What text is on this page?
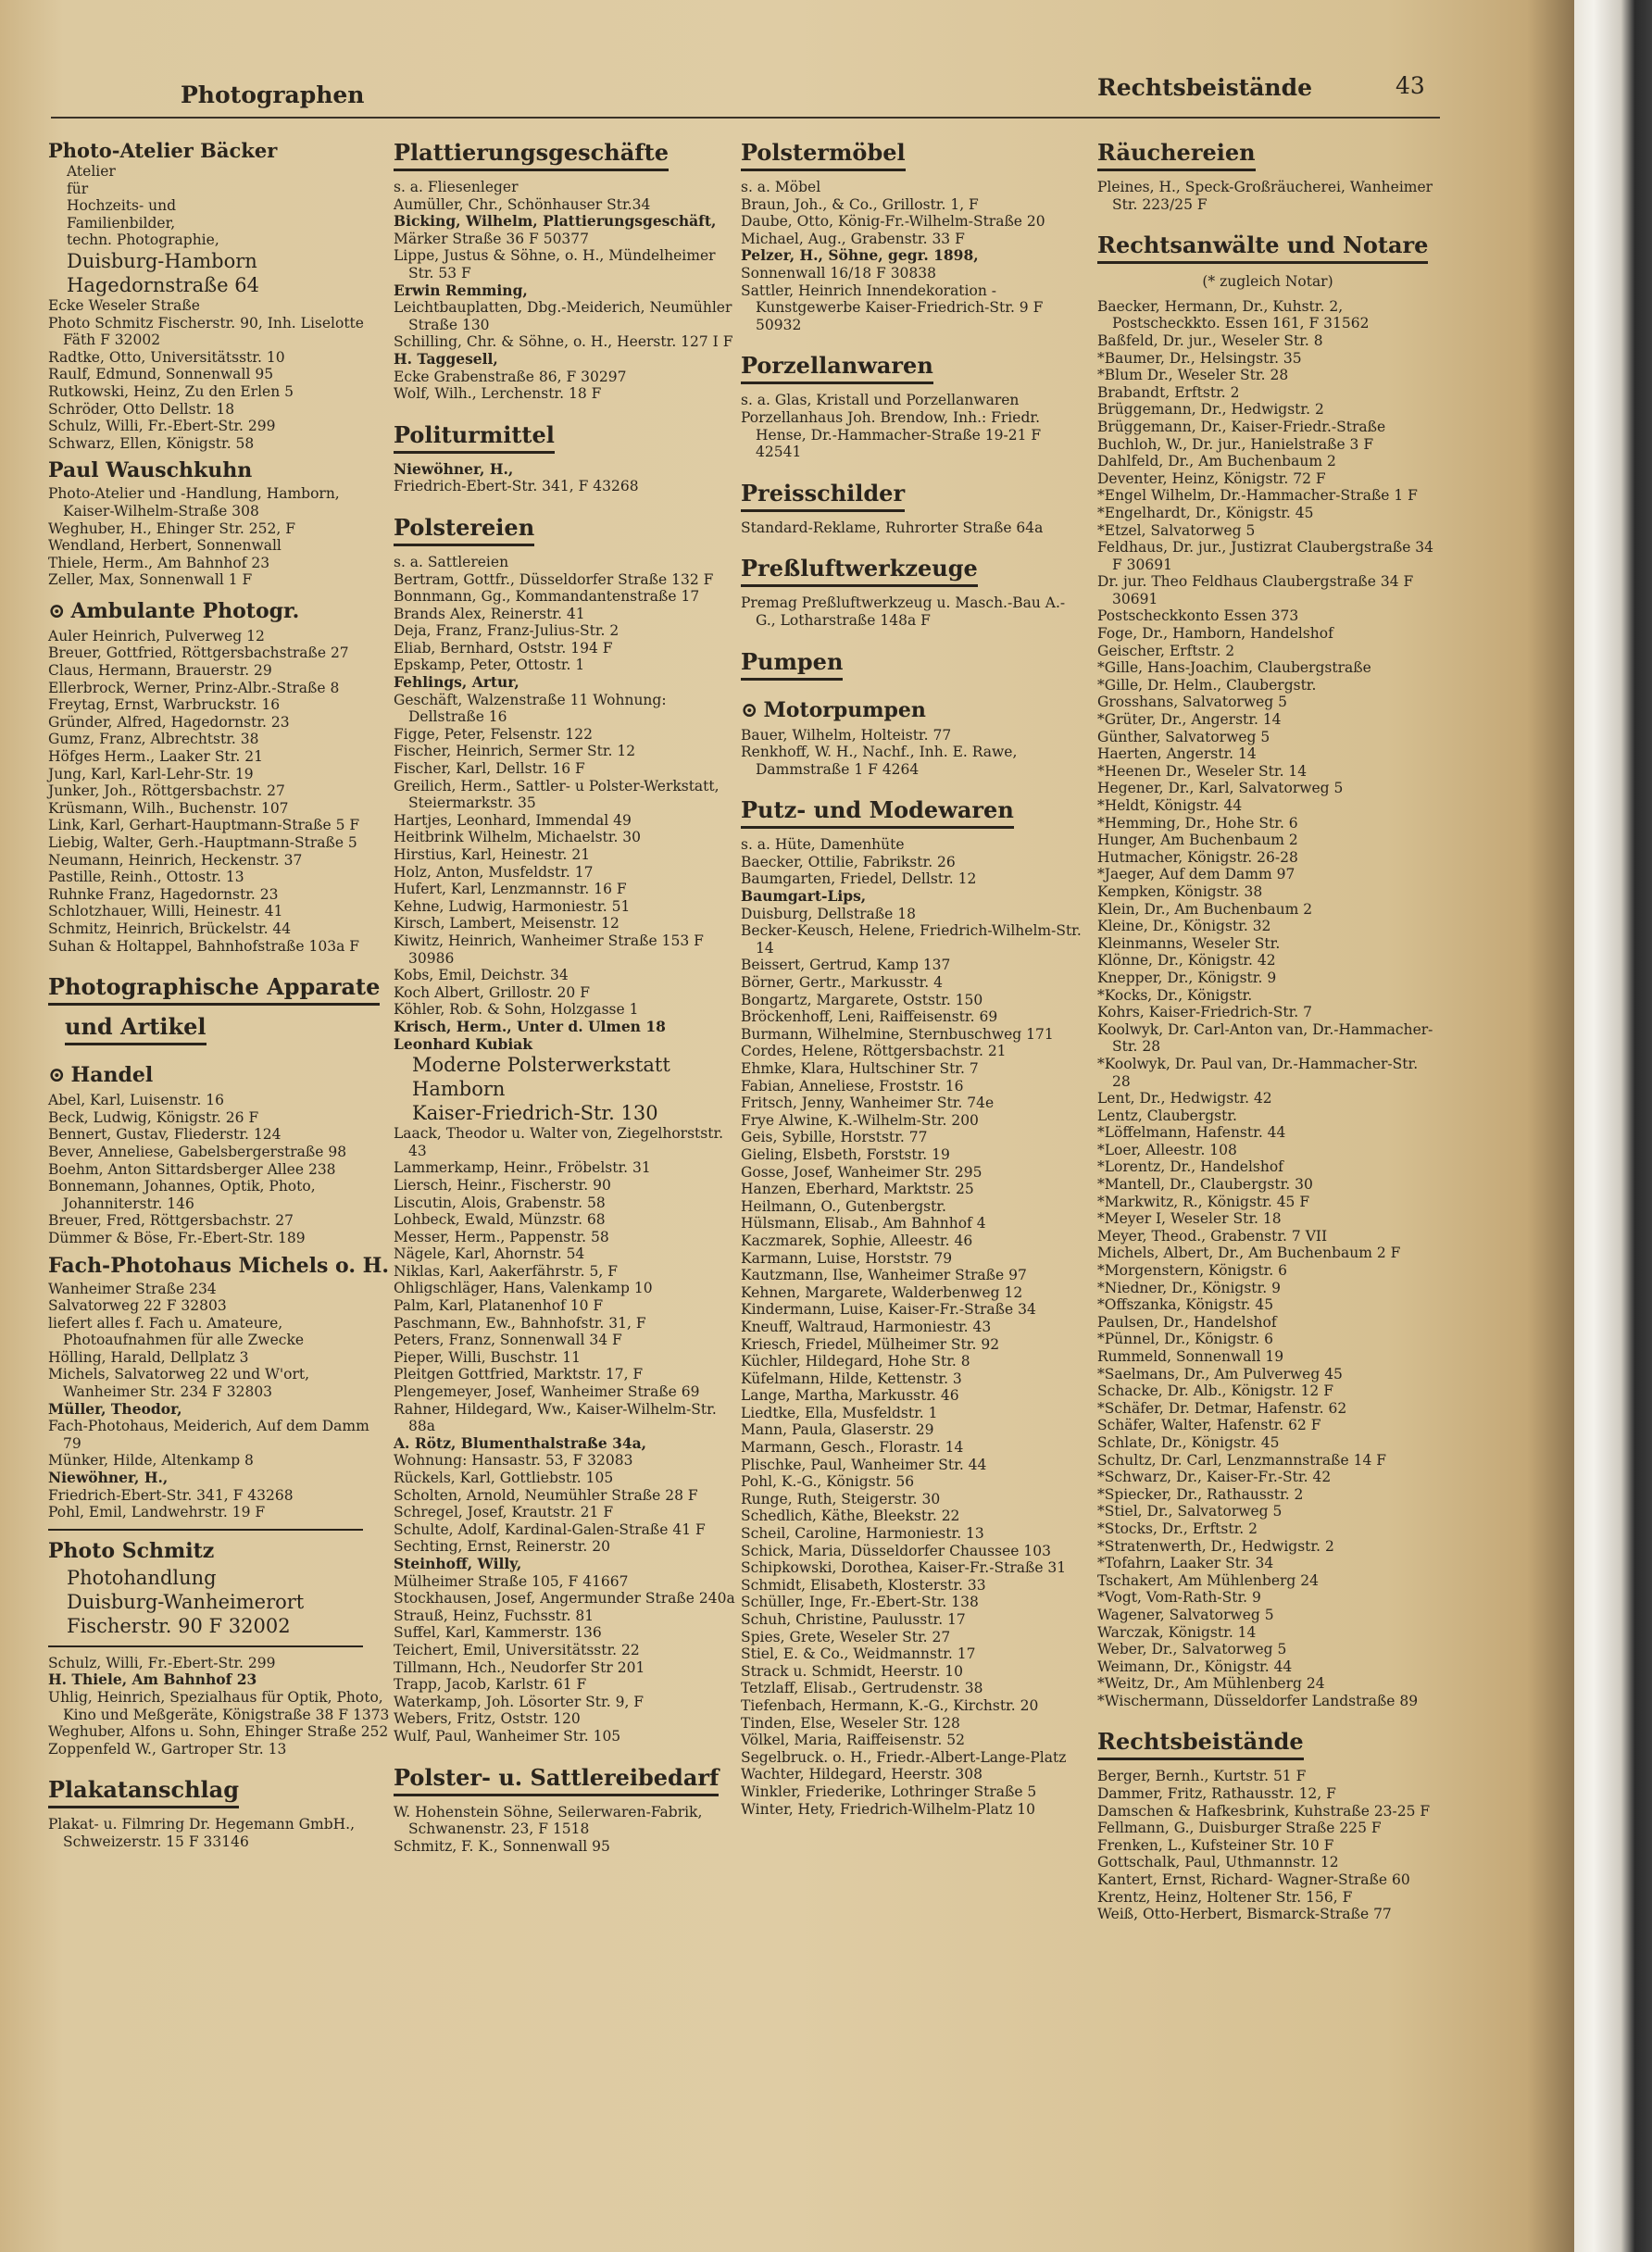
Photographen	Rechtsbeistände	43

Photo-Atelier Bäcker

Atelier

für

Hochzeits- und

Familienbilder,

techn. Photographie,

Duisburg-Hamborn

Hagedornstraße 64

Ecke Weseler Straße

Photo Schmitz Fischerstr. 90, Inh. Liselotte Fäth F 32002

Radtke, Otto, Universitätsstr. 10

Raulf, Edmund, Sonnenwall 95

Rutkowski, Heinz, Zu den Erlen 5

Schröder, Otto Dellstr. 18

Schulz, Willi, Fr.-Ebert-Str. 299

Schwarz, Ellen, Königstr. 58

Paul Wauschkuhn

Photo-Atelier und -Handlung, Hamborn, Kaiser-Wilhelm-Straße 308

Weghuber, H., Ehinger Str. 252, F

Wendland, Herbert, Sonnenwall

Thiele, Herm., Am Bahnhof 23

Zeller, Max, Sonnenwall 1 F

⊙ Ambulante Photogr.

Auler Heinrich, Pulverweg 12

Breuer, Gottfried, Röttgersbachstraße 27

Claus, Hermann, Brauerstr. 29

Ellerbrock, Werner, Prinz-Albr.-Straße 8

Freytag, Ernst, Warbruckstr. 16

Gründer, Alfred, Hagedornstr. 23

Gumz, Franz, Albrechtstr. 38

Höfges Herm., Laaker Str. 21

Jung, Karl, Karl-Lehr-Str. 19

Junker, Joh., Röttgersbachstr. 27

Krüsmann, Wilh., Buchenstr. 107

Link, Karl, Gerhart-Hauptmann-Straße 5 F

Liebig, Walter, Gerh.-Hauptmann-Straße 5

Neumann, Heinrich, Heckenstr. 37

Pastille, Reinh., Ottostr. 13

Ruhnke Franz, Hagedornstr. 23

Schlotzhauer, Willi, Heinestr. 41

Schmitz, Heinrich, Brückelstr. 44

Suhan & Holtappel, Bahnhofstraße 103a F

Photographische Apparate
und Artikel
⊙ Handel

Abel, Karl, Luisenstr. 16

Beck, Ludwig, Königstr. 26 F

Bennert, Gustav, Fliederstr. 124

Bever, Anneliese, Gabelsbergerstraße 98

Boehm, Anton Sittardsberger Allee 238

Bonnemann, Johannes, Optik, Photo, Johanniterstr. 146

Breuer, Fred, Röttgersbachstr. 27

Dümmer & Böse, Fr.-Ebert-Str. 189

Fach-Photohaus Michels o. H.

Wanheimer Straße 234

Salvatorweg 22 F 32803

liefert alles f. Fach u. Amateure, Photoaufnahmen für alle Zwecke

Hölling, Harald, Dellplatz 3

Michels, Salvatorweg 22 und W'ort, Wanheimer Str. 234 F 32803

Müller, Theodor,

Fach-Photohaus, Meiderich, Auf dem Damm 79

Münker, Hilde, Altenkamp 8

Niewöhner, H.,

Friedrich-Ebert-Str. 341, F 43268

Pohl, Emil, Landwehrstr. 19 F

Photo Schmitz

Photohandlung

Duisburg-Wanheimerort

Fischerstr. 90 F 32002

Schulz, Willi, Fr.-Ebert-Str. 299

H. Thiele, Am Bahnhof 23

Uhlig, Heinrich, Spezialhaus für Optik, Photo, Kino und Meßgeräte, Königstraße 38 F 1373

Weghuber, Alfons u. Sohn, Ehinger Straße 252

Zoppenfeld W., Gartroper Str. 13

Plakatanschlag

Plakat- u. Filmring Dr. Hegemann GmbH., Schweizerstr. 15 F 33146

Plattierungsgeschäfte

s. a. Fliesenleger

Aumüller, Chr., Schönhauser Str.34

Bicking, Wilhelm, Plattierungsgeschäft,

Märker Straße 36 F 50377

Lippe, Justus & Söhne, o. H., Mündelheimer Str. 53 F

Erwin Remming,

Leichtbauplatten, Dbg.-Meiderich, Neumühler Straße 130

Schilling, Chr. & Söhne, o. H., Heerstr. 127 I F

H. Taggesell,

Ecke Grabenstraße 86, F 30297

Wolf, Wilh., Lerchenstr. 18 F

Politurmittel

Niewöhner, H.,

Friedrich-Ebert-Str. 341, F 43268

Polstereien

s. a. Sattlereien

Bertram, Gottfr., Düsseldorfer Straße 132 F

Bonnmann, Gg., Kommandantenstraße 17

Brands Alex, Reinerstr. 41

Deja, Franz, Franz-Julius-Str. 2

Eliab, Bernhard, Oststr. 194 F

Epskamp, Peter, Ottostr. 1

Fehlings, Artur,

Geschäft, Walzenstraße 11 Wohnung: Dellstraße 16

Figge, Peter, Felsenstr. 122

Fischer, Heinrich, Sermer Str. 12

Fischer, Karl, Dellstr. 16 F

Greilich, Herm., Sattler- u Polster-Werkstatt, Steiermarkstr. 35

Hartjes, Leonhard, Immendal 49

Heitbrink Wilhelm, Michaelstr. 30

Hirstius, Karl, Heinestr. 21

Holz, Anton, Musfeldstr. 17

Hufert, Karl, Lenzmannstr. 16 F

Kehne, Ludwig, Harmoniestr. 51

Kirsch, Lambert, Meisenstr. 12

Kiwitz, Heinrich, Wanheimer Straße 153 F 30986

Kobs, Emil, Deichstr. 34

Koch Albert, Grillostr. 20 F

Köhler, Rob. & Sohn, Holzgasse 1

Krisch, Herm., Unter d. Ulmen 18

Leonhard Kubiak

Moderne Polsterwerkstatt

Hamborn

Kaiser-Friedrich-Str. 130

Laack, Theodor u. Walter von, Ziegelhorststr. 43

Lammerkamp, Heinr., Fröbelstr. 31

Liersch, Heinr., Fischerstr. 90

Liscutin, Alois, Grabenstr. 58

Lohbeck, Ewald, Münzstr. 68

Messer, Herm., Pappenstr. 58

Nägele, Karl, Ahornstr. 54

Niklas, Karl, Aakerfährstr. 5, F

Ohligschläger, Hans, Valenkamp 10

Palm, Karl, Platanenhof 10 F

Paschmann, Ew., Bahnhofstr. 31, F

Peters, Franz, Sonnenwall 34 F

Pieper, Willi, Buschstr. 11

Pleitgen Gottfried, Marktstr. 17, F

Plengemeyer, Josef, Wanheimer Straße 69

Rahner, Hildegard, Ww., Kaiser-Wilhelm-Str. 88a

A. Rötz, Blumenthalstraße 34a,

Wohnung: Hansastr. 53, F 32083

Rückels, Karl, Gottliebstr. 105

Scholten, Arnold, Neumühler Straße 28 F

Schregel, Josef, Krautstr. 21 F

Schulte, Adolf, Kardinal-Galen-Straße 41 F

Sechting, Ernst, Reinerstr. 20

Steinhoff, Willy,

Mülheimer Straße 105, F 41667

Stockhausen, Josef, Angermunder Straße 240a

Strauß, Heinz, Fuchsstr. 81

Suffel, Karl, Kammerstr. 136

Teichert, Emil, Universitätsstr. 22

Tillmann, Hch., Neudorfer Str 201

Trapp, Jacob, Karlstr. 61 F

Waterkamp, Joh. Lösorter Str. 9, F

Webers, Fritz, Oststr. 120

Wulf, Paul, Wanheimer Str. 105

Polster- u. Sattlereibedarf

W. Hohenstein Söhne, Seilerwaren-Fabrik, Schwanenstr. 23, F 1518

Schmitz, F. K., Sonnenwall 95

Polstermöbel

s. a. Möbel

Braun, Joh., & Co., Grillostr. 1, F

Daube, Otto, König-Fr.-Wilhelm-Straße 20

Michael, Aug., Grabenstr. 33 F

Pelzer, H., Söhne, gegr. 1898,

Sonnenwall 16/18 F 30838

Sattler, Heinrich Innendekoration - Kunstgewerbe Kaiser-Friedrich-Str. 9 F 50932

Porzellanwaren

s. a. Glas, Kristall und Porzellanwaren

Porzellanhaus Joh. Brendow, Inh.: Friedr. Hense, Dr.-Hammacher-Straße 19-21 F 42541

Preisschilder

Standard-Reklame, Ruhrorter Straße 64a

Preßluftwerkzeuge

Premag Preßluftwerkzeug u. Masch.-Bau A.-G., Lotharstraße 148a F

Pumpen
⊙ Motorpumpen

Bauer, Wilhelm, Holteistr. 77

Renkhoff, W. H., Nachf., Inh. E. Rawe, Dammstraße 1 F 4264

Putz- und Modewaren

s. a. Hüte, Damenhüte

Baecker, Ottilie, Fabrikstr. 26

Baumgarten, Friedel, Dellstr. 12

Baumgart-Lips,

Duisburg, Dellstraße 18

Becker-Keusch, Helene, Friedrich-Wilhelm-Str. 14

Beissert, Gertrud, Kamp 137

Börner, Gertr., Markusstr. 4

Bongartz, Margarete, Oststr. 150

Bröckenhoff, Leni, Raiffeisenstr. 69

Burmann, Wilhelmine, Sternbuschweg 171

Cordes, Helene, Röttgersbachstr. 21

Ehmke, Klara, Hultschiner Str. 7

Fabian, Anneliese, Froststr. 16

Fritsch, Jenny, Wanheimer Str. 74e

Frye Alwine, K.-Wilhelm-Str. 200

Geis, Sybille, Horststr. 77

Gieling, Elsbeth, Forststr. 19

Gosse, Josef, Wanheimer Str. 295

Hanzen, Eberhard, Marktstr. 25

Heilmann, O., Gutenbergstr.

Hülsmann, Elisab., Am Bahnhof 4

Kaczmarek, Sophie, Alleestr. 46

Karmann, Luise, Horststr. 79

Kautzmann, Ilse, Wanheimer Straße 97

Kehnen, Margarete, Walderbenweg 12

Kindermann, Luise, Kaiser-Fr.-Straße 34

Kneuff, Waltraud, Harmoniestr. 43

Kriesch, Friedel, Mülheimer Str. 92

Küchler, Hildegard, Hohe Str. 8

Küfelmann, Hilde, Kettenstr. 3

Lange, Martha, Markusstr. 46

Liedtke, Ella, Musfeldstr. 1

Mann, Paula, Glaserstr. 29

Marmann, Gesch., Florastr. 14

Plischke, Paul, Wanheimer Str. 44

Pohl, K.-G., Königstr. 56

Runge, Ruth, Steigerstr. 30

Schedlich, Käthe, Bleekstr. 22

Scheil, Caroline, Harmoniestr. 13

Schick, Maria, Düsseldorfer Chaussee 103

Schipkowski, Dorothea, Kaiser-Fr.-Straße 31

Schmidt, Elisabeth, Klosterstr. 33

Schüller, Inge, Fr.-Ebert-Str. 138

Schuh, Christine, Paulusstr. 17

Spies, Grete, Weseler Str. 27

Stiel, E. & Co., Weidmannstr. 17

Strack u. Schmidt, Heerstr. 10

Tetzlaff, Elisab., Gertrudenstr. 38

Tiefenbach, Hermann, K.-G., Kirchstr. 20

Tinden, Else, Weseler Str. 128

Völkel, Maria, Raiffeisenstr. 52

Segelbruck. o. H., Friedr.-Albert-Lange-Platz

Wachter, Hildegard, Heerstr. 308

Winkler, Friederike, Lothringer Straße 5

Winter, Hety, Friedrich-Wilhelm-Platz 10

Räuchereien

Pleines, H., Speck-Großräucherei, Wanheimer Str. 223/25 F

Rechtsanwälte und Notare
(* zugleich Notar)

Baecker, Hermann, Dr., Kuhstr. 2, Postscheckkto. Essen 161, F 31562

Baßfeld, Dr. jur., Weseler Str. 8

*Baumer, Dr., Helsingstr. 35

*Blum Dr., Weseler Str. 28

Brabandt, Erftstr. 2

Brüggemann, Dr., Hedwigstr. 2

Brüggemann, Dr., Kaiser-Friedr.-Straße

Buchloh, W., Dr. jur., Hanielstraße 3 F

Dahlfeld, Dr., Am Buchenbaum 2

Deventer, Heinz, Königstr. 72 F

*Engel Wilhelm, Dr.-Hammacher-Straße 1 F

*Engelhardt, Dr., Königstr. 45

*Etzel, Salvatorweg 5

Feldhaus, Dr. jur., Justizrat Claubergstraße 34 F 30691

Dr. jur. Theo Feldhaus Claubergstraße 34 F 30691

Postscheckkonto Essen 373

Foge, Dr., Hamborn, Handelshof

Geischer, Erftstr. 2

*Gille, Hans-Joachim, Claubergstraße

*Gille, Dr. Helm., Claubergstr.

Grosshans, Salvatorweg 5

*Grüter, Dr., Angerstr. 14

Günther, Salvatorweg 5

Haerten, Angerstr. 14

*Heenen Dr., Weseler Str. 14

Hegener, Dr., Karl, Salvatorweg 5

*Heldt, Königstr. 44

*Hemming, Dr., Hohe Str. 6

Hunger, Am Buchenbaum 2

Hutmacher, Königstr. 26-28

*Jaeger, Auf dem Damm 97

Kempken, Königstr. 38

Klein, Dr., Am Buchenbaum 2

Kleine, Dr., Königstr. 32

Kleinmanns, Weseler Str.

Klönne, Dr., Königstr. 42

Knepper, Dr., Königstr. 9

*Kocks, Dr., Königstr.

Kohrs, Kaiser-Friedrich-Str. 7

Koolwyk, Dr. Carl-Anton van, Dr.-Hammacher-Str. 28

*Koolwyk, Dr. Paul van, Dr.-Hammacher-Str. 28

Lent, Dr., Hedwigstr. 42

Lentz, Claubergstr.

*Löffelmann, Hafenstr. 44

*Loer, Alleestr. 108

*Lorentz, Dr., Handelshof

*Mantell, Dr., Claubergstr. 30

*Markwitz, R., Königstr. 45 F

*Meyer I, Weseler Str. 18

Meyer, Theod., Grabenstr. 7 VII

Michels, Albert, Dr., Am Buchenbaum 2 F

*Morgenstern, Königstr. 6

*Niedner, Dr., Königstr. 9

*Offszanka, Königstr. 45

Paulsen, Dr., Handelshof

*Pünnel, Dr., Königstr. 6

Rummeld, Sonnenwall 19

*Saelmans, Dr., Am Pulverweg 45

Schacke, Dr. Alb., Königstr. 12 F

*Schäfer, Dr. Detmar, Hafenstr. 62

Schäfer, Walter, Hafenstr. 62 F

Schlate, Dr., Königstr. 45

Schultz, Dr. Carl, Lenzmannstraße 14 F

*Schwarz, Dr., Kaiser-Fr.-Str. 42

*Spiecker, Dr., Rathausstr. 2

*Stiel, Dr., Salvatorweg 5

*Stocks, Dr., Erftstr. 2

*Stratenwerth, Dr., Hedwigstr. 2

*Tofahrn, Laaker Str. 34

Tschakert, Am Mühlenberg 24

*Vogt, Vom-Rath-Str. 9

Wagener, Salvatorweg 5

Warczak, Königstr. 14

Weber, Dr., Salvatorweg 5

Weimann, Dr., Königstr. 44

*Weitz, Dr., Am Mühlenberg 24

*Wischermann, Düsseldorfer Landstraße 89

Rechtsbeistände

Berger, Bernh., Kurtstr. 51 F

Dammer, Fritz, Rathausstr. 12, F

Damschen & Hafkesbrink, Kuhstraße 23-25 F

Fellmann, G., Duisburger Straße 225 F

Frenken, L., Kufsteiner Str. 10 F

Gottschalk, Paul, Uthmannstr. 12

Kantert, Ernst, Richard- Wagner-Straße 60

Krentz, Heinz, Holtener Str. 156, F

Weiß, Otto-Herbert, Bismarck-Straße 77
